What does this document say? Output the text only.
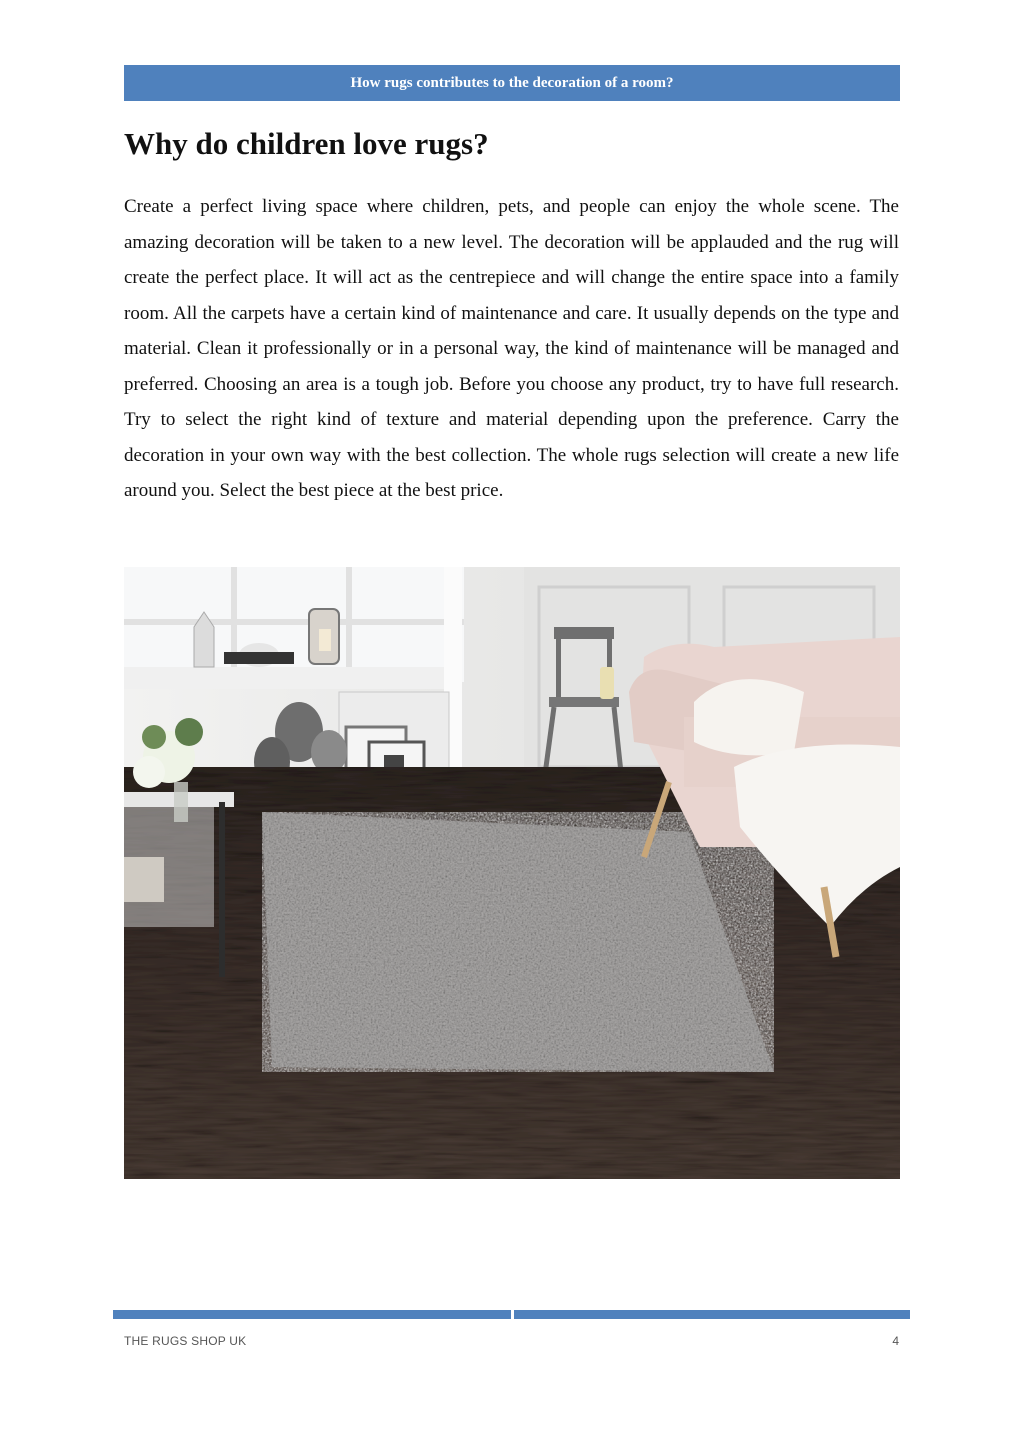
How rugs contributes to the decoration of a room?
Why do children love rugs?

Create a perfect living space where children, pets, and people can enjoy the whole scene. The amazing decoration will be taken to a new level. The decoration will be applauded and the rug will create the perfect place. It will act as the centrepiece and will change the entire space into a family room. All the carpets have a certain kind of maintenance and care. It usually depends on the type and material. Clean it professionally or in a personal way, the kind of maintenance will be managed and preferred. Choosing an area is a tough job. Before you choose any product, try to have full research. Try to select the right kind of texture and material depending upon the preference. Carry the decoration in your own way with the best collection. The whole rugs selection will create a new life around you. Select the best piece at the best price.

THE RUGS SHOP UK	4
